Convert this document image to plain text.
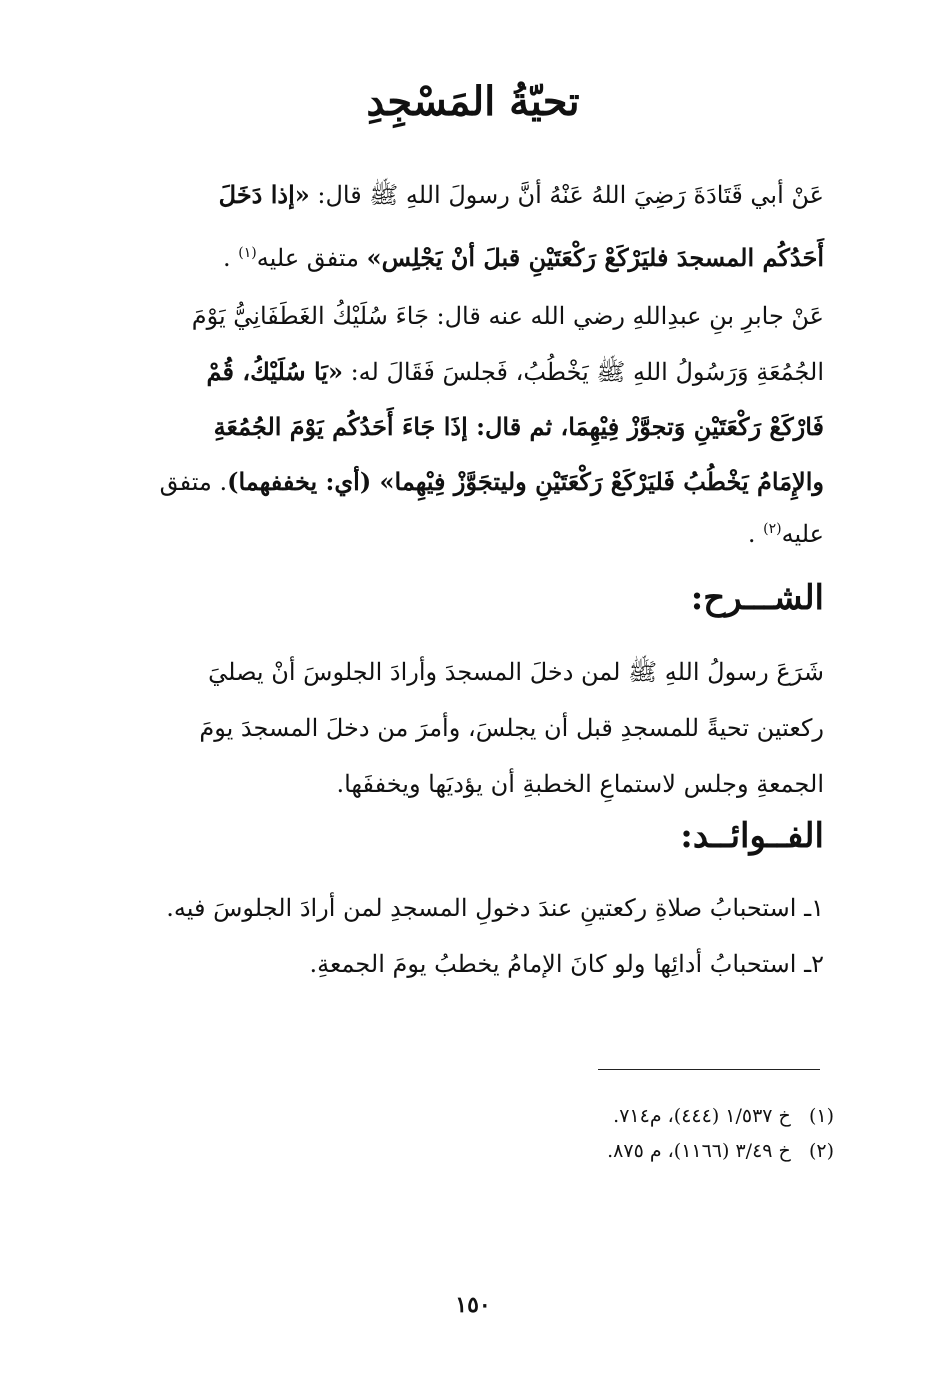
تحيّةُ المَسْجِدِ
عَنْ أبي قَتَادَةَ رَضِيَ اللهُ عَنْهُ أنَّ رسولَ اللهِ ﷺ قال: «إذا دَخَلَ
أَحَدُكُم المسجدَ فليَرْكَعْ رَكْعَتَيْنِ قبلَ أنْ يَجْلِس» متفق عليه$^{(١)}$ .
عَنْ جابرِ بنِ عبدِاللهِ رضي الله عنه قال: جَاءَ سُلَيْكُ الغَطَفَانِيُّ يَوْمَ
الجُمُعَةِ وَرَسُولُ اللهِ ﷺ يَخْطُبُ، فَجلسَ فَقَالَ له: «يَا سُلَيْكُ، قُمْ
فَارْكَعْ رَكْعَتَيْنِ وَتجوَّزْ فِيْهِمَا، ثم قال: إذَا جَاءَ أَحَدُكُم يَوْمَ الجُمُعَةِ
والإِمَامُ يَخْطُبُ فَليَرْكَعْ رَكْعَتَيْنِ وليتجَوَّزْ فِيْهِما» (أي: يخففهما). متفق
عليه$^{(٢)}$ .
الشـــرح:
شَرَعَ رسولُ اللهِ ﷺ لمن دخلَ المسجدَ وأرادَ الجلوسَ أنْ يصليَ
ركعتين تحيةً للمسجدِ قبل أن يجلسَ، وأمرَ من دخلَ المسجدَ يومَ
الجمعةِ وجلس لاستماعِ الخطبةِ أن يؤديَها ويخففَها.
الفــوائــد:
١ـ استحبابُ صلاةِ ركعتينِ عندَ دخولِ المسجدِ لمن أرادَ الجلوسَ فيه.
٢ـ استحبابُ أدائِها ولو كانَ الإمامُ يخطبُ يومَ الجمعةِ.
(١)   خ ١/٥٣٧ (٤٤٤)، م٧١٤.
(٢)   خ ٣/٤٩ (١١٦٦)، م ٨٧٥.
١٥٠
